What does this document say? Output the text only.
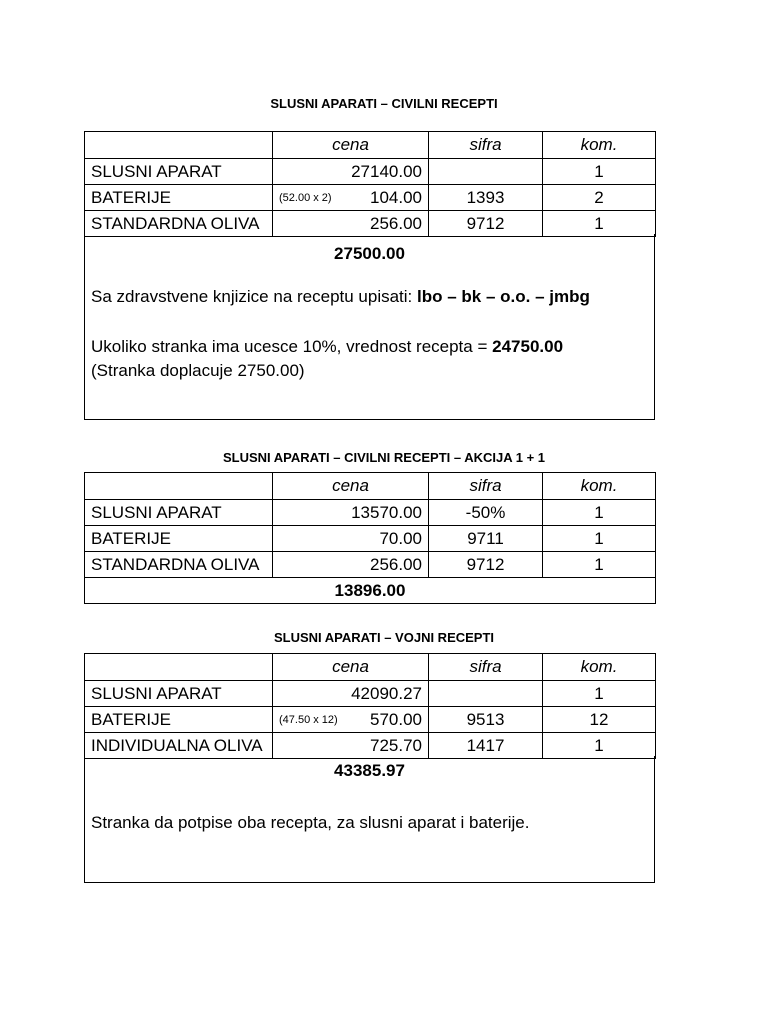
SLUSNI APARATI – CIVILNI RECEPTI
	cena	sifra	kom.
SLUSNI APARAT	27140.00		1
BATERIJE	(52.00 x 2) 104.00	1393	2
STANDARDNA OLIVA	256.00	9712	1
27500.00
Sa zdravstvene knjizice na receptu upisati: lbo – bk – o.o. – jmbg
Ukoliko stranka ima ucesce 10%, vrednost recepta = 24750.00
(Stranka doplacuje 2750.00)
SLUSNI APARATI – CIVILNI RECEPTI – AKCIJA 1 + 1
	cena	sifra	kom.
SLUSNI APARAT	13570.00	-50%	1
BATERIJE	70.00	9711	1
STANDARDNA OLIVA	256.00	9712	1
13896.00			
SLUSNI APARATI – VOJNI RECEPTI
	cena	sifra	kom.
SLUSNI APARAT	42090.27		1
BATERIJE	(47.50 x 12) 570.00	9513	12
INDIVIDUALNA OLIVA	725.70	1417	1
43385.97
Stranka da potpise oba recepta, za slusni aparat i baterije.
